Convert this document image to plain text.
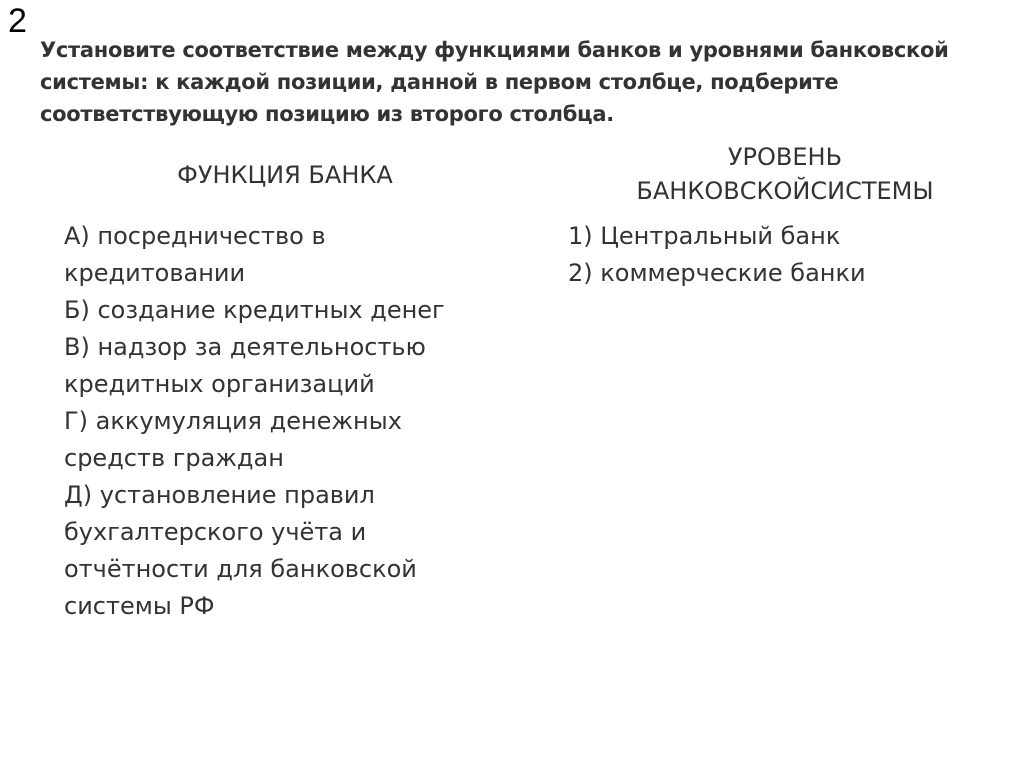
2
Установите соответствие между функциями банков и уровнями банковской системы: к каждой позиции, данной в первом столбце, подберите соответствующую позицию из второго столбца.
ФУНКЦИЯ БАНКА
УРОВЕНЬ
БАНКОВСКОЙСИСТЕМЫ
А) посредничество в кредитовании
Б) создание кредитных денег
В) надзор за деятельностью кредитных организаций
Г) аккумуляция денежных средств граждан
Д) установление правил бухгалтерского учёта и отчётности для банковской системы РФ
1) Центральный банк
2) коммерческие банки
